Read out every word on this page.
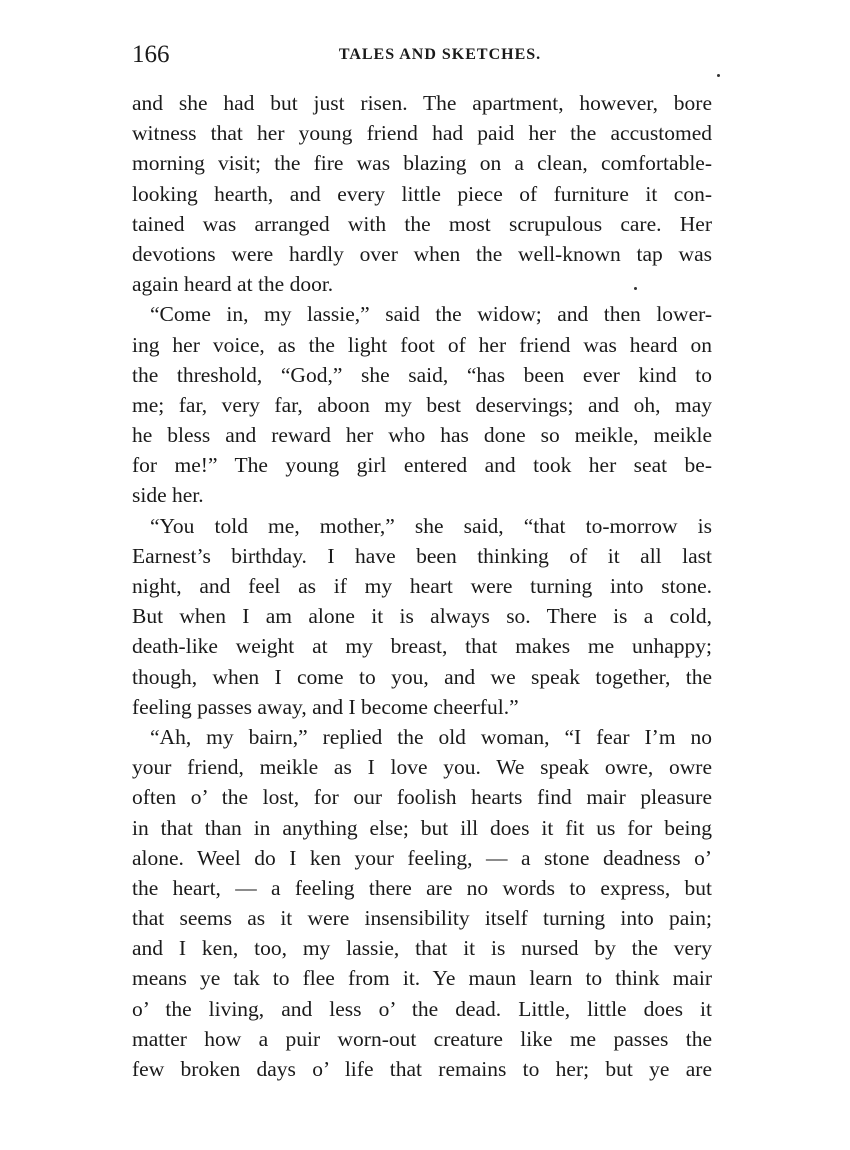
166	TALES AND SKETCHES.
and she had but just risen. The apartment, however, bore
witness that her young friend had paid her the accustomed
morning visit; the fire was blazing on a clean, comfortable-
looking hearth, and every little piece of furniture it con-
tained was arranged with the most scrupulous care. Her
devotions were hardly over when the well-known tap was
again heard at the door.
“Come in, my lassie,” said the widow; and then lower-
ing her voice, as the light foot of her friend was heard on
the threshold, “God,” she said, “has been ever kind to
me; far, very far, aboon my best deservings; and oh, may
he bless and reward her who has done so meikle, meikle
for me!” The young girl entered and took her seat be-
side her.
“You told me, mother,” she said, “that to-morrow is
Earnest’s birthday. I have been thinking of it all last
night, and feel as if my heart were turning into stone.
But when I am alone it is always so. There is a cold,
death-like weight at my breast, that makes me unhappy;
though, when I come to you, and we speak together, the
feeling passes away, and I become cheerful.”
“Ah, my bairn,” replied the old woman, “I fear I’m no
your friend, meikle as I love you. We speak owre, owre
often o’ the lost, for our foolish hearts find mair pleasure
in that than in anything else; but ill does it fit us for being
alone. Weel do I ken your feeling, — a stone deadness o’
the heart, — a feeling there are no words to express, but
that seems as it were insensibility itself turning into pain;
and I ken, too, my lassie, that it is nursed by the very
means ye tak to flee from it. Ye maun learn to think mair
o’ the living, and less o’ the dead. Little, little does it
matter how a puir worn-out creature like me passes the
few broken days o’ life that remains to her; but ye are
